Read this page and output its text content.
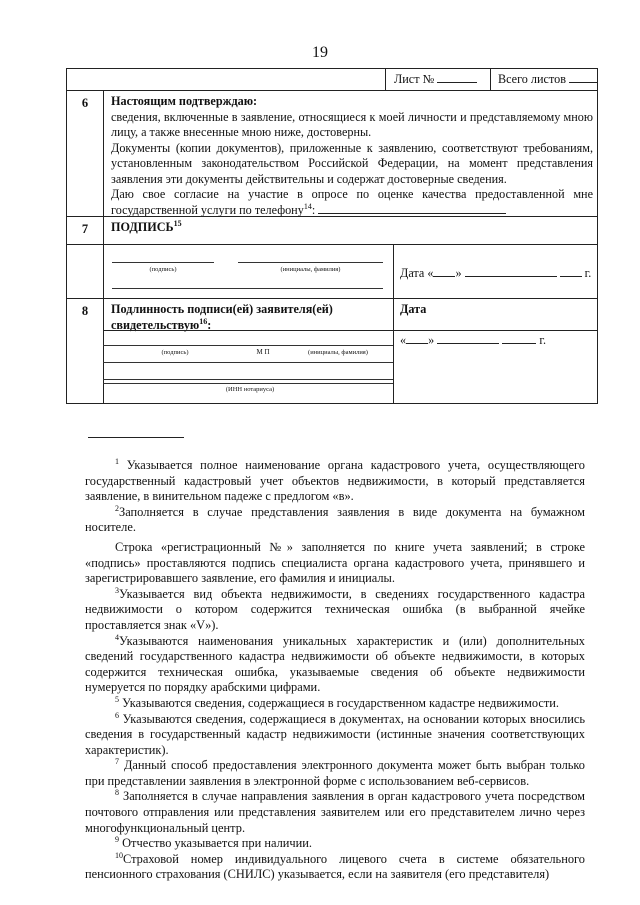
19
Лист №	Всего листов
6	Настоящим подтверждаю:
сведения, включенные в заявление, относящиеся к моей личности и представляемому мною лицу, а также внесенные мною ниже, достоверны.
Документы (копии документов), приложенные к заявлению, соответствуют требованиям, установленным законодательством Российской Федерации, на момент представления заявления эти документы действительны и содержат достоверные сведения.
Даю свое согласие на участие в опросе по оценке качества предоставленной мне государственной услуги по телефону$^{14}$:
7	ПОДПИСЬ$^{15}$
(подпись)	(инициалы, фамилия)	Дата « »	г.
8	Подлинность подписи(ей) заявителя(ей)
свидетельствую$^{16}$:
Дата
« »	г.
(подпись)	М П	(инициалы, фамилия)
(ИНН нотариуса)
$^1$ Указывается полное наименование органа кадастрового учета, осуществляющего государственный кадастровый учет объектов недвижимости, в который представляется заявление, в винительном падеже с предлогом «в».
$^2$Заполняется в случае представления заявления в виде документа на бумажном носителе.
Строка «регистрационный №» заполняется по книге учета заявлений; в строке «подпись» проставляются подпись специалиста органа кадастрового учета, принявшего и зарегистрировавшего заявление, его фамилия и инициалы.
$^3$Указывается вид объекта недвижимости, в сведениях государственного кадастра недвижимости о котором содержится техническая ошибка (в выбранной ячейке проставляется знак «V»).
$^4$Указываются наименования уникальных характеристик и (или) дополнительных сведений государственного кадастра недвижимости об объекте недвижимости, в которых содержится техническая ошибка, указываемые сведения об объекте недвижимости нумеруется по порядку арабскими цифрами.
$^5$ Указываются сведения, содержащиеся в государственном кадастре недвижимости.
$^6$ Указываются сведения, содержащиеся в документах, на основании которых вносились сведения в государственный кадастр недвижимости (истинные значения соответствующих характеристик).
$^7$ Данный способ предоставления электронного документа может быть выбран только при представлении заявления в электронной форме с использованием веб-сервисов.
$^8$ Заполняется в случае направления заявления в орган кадастрового учета посредством почтового отправления или представления заявителем или его представителем лично через многофункциональный центр.
$^9$ Отчество указывается при наличии.
$^{10}$Страховой номер индивидуального лицевого счета в системе обязательного пенсионного страхования (СНИЛС) указывается, если на заявителя (его представителя)
